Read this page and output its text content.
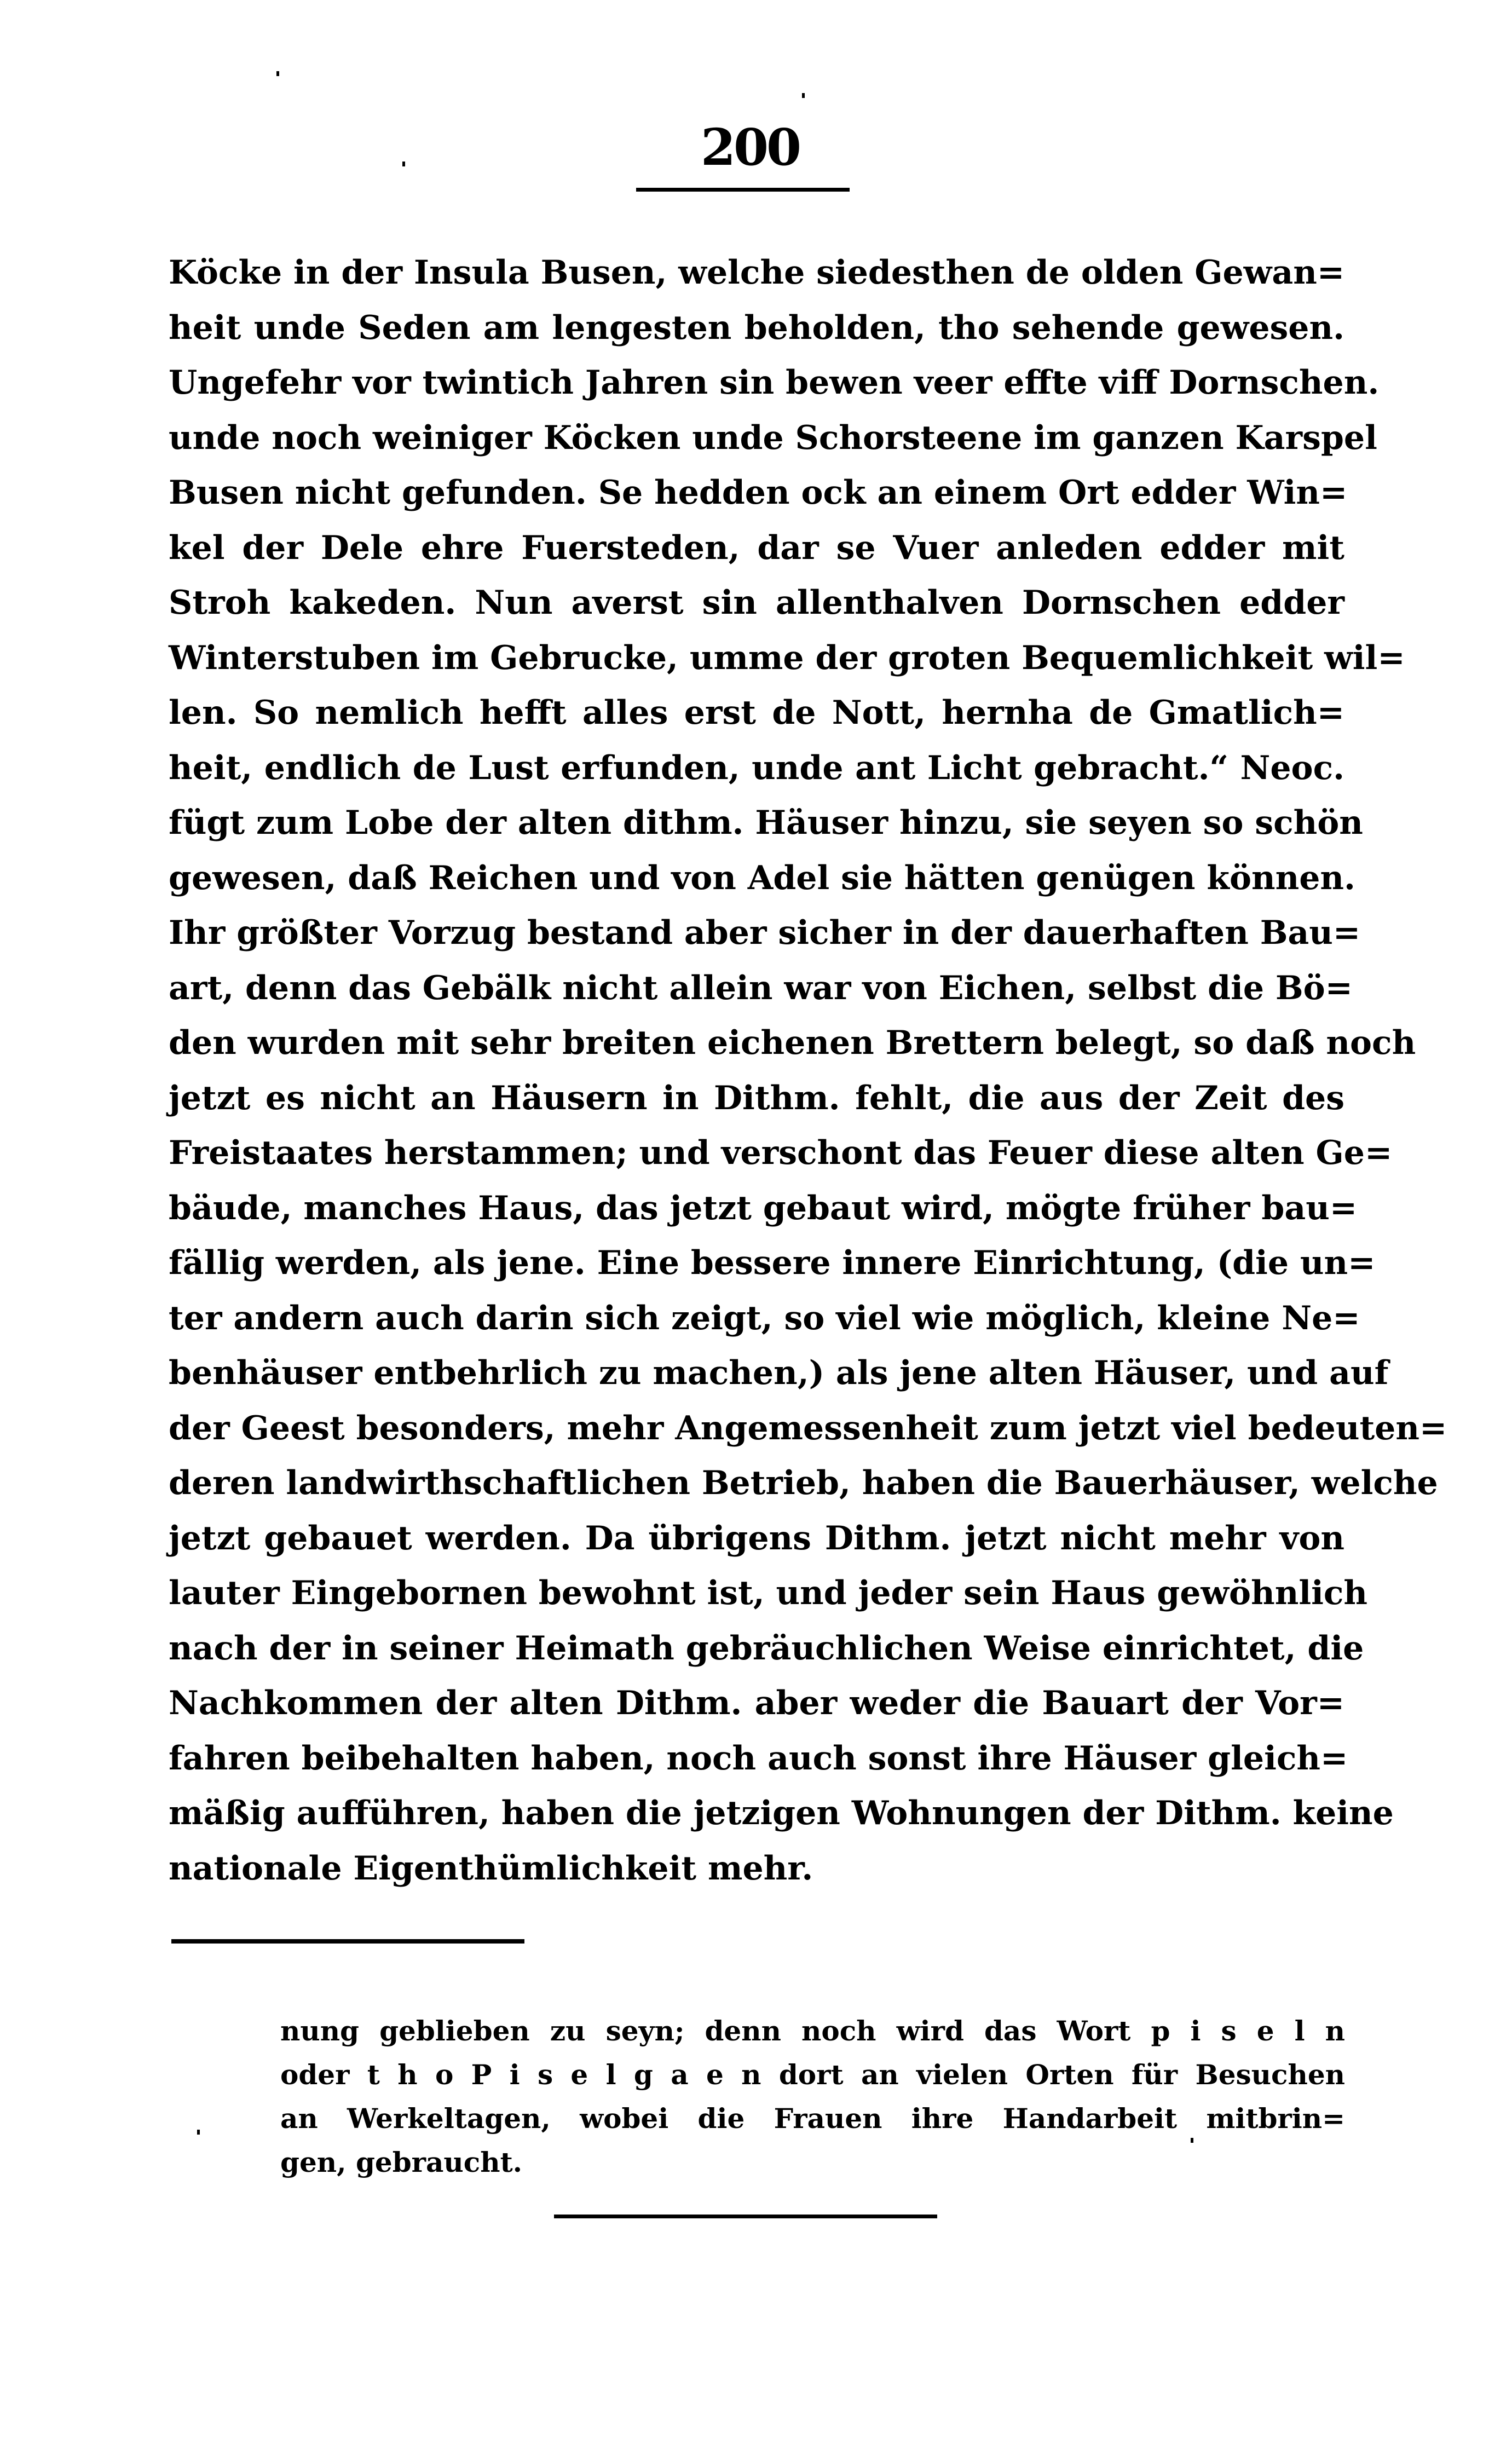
200
Köcke in der Insula Busen, welche siedesthen de olden Gewan=
heit unde Seden am lengesten beholden, tho sehende gewesen.
Ungefehr vor twintich Jahren sin bewen veer effte viff Dornschen.
unde noch weiniger Köcken unde Schorsteene im ganzen Karspel
Busen nicht gefunden. Se hedden ock an einem Ort edder Win=
kel der Dele ehre Fuersteden, dar se Vuer anleden edder mit
Stroh kakeden. Nun averst sin allenthalven Dornschen edder
Winterstuben im Gebrucke, umme der groten Bequemlichkeit wil=
len. So nemlich hefft alles erst de Nott, hernha de Gmatlich=
heit, endlich de Lust erfunden, unde ant Licht gebracht.“ Neoc.
fügt zum Lobe der alten dithm. Häuser hinzu, sie seyen so schön
gewesen, daß Reichen und von Adel sie hätten genügen können.
Ihr größter Vorzug bestand aber sicher in der dauerhaften Bau=
art, denn das Gebälk nicht allein war von Eichen, selbst die Bö=
den wurden mit sehr breiten eichenen Brettern belegt, so daß noch
jetzt es nicht an Häusern in Dithm. fehlt, die aus der Zeit des
Freistaates herstammen; und verschont das Feuer diese alten Ge=
bäude, manches Haus, das jetzt gebaut wird, mögte früher bau=
fällig werden, als jene. Eine bessere innere Einrichtung, (die un=
ter andern auch darin sich zeigt, so viel wie möglich, kleine Ne=
benhäuser entbehrlich zu machen,) als jene alten Häuser, und auf
der Geest besonders, mehr Angemessenheit zum jetzt viel bedeuten=
deren landwirthschaftlichen Betrieb, haben die Bauerhäuser, welche
jetzt gebauet werden. Da übrigens Dithm. jetzt nicht mehr von
lauter Eingebornen bewohnt ist, und jeder sein Haus gewöhnlich
nach der in seiner Heimath gebräuchlichen Weise einrichtet, die
Nachkommen der alten Dithm. aber weder die Bauart der Vor=
fahren beibehalten haben, noch auch sonst ihre Häuser gleich=
mäßig aufführen, haben die jetzigen Wohnungen der Dithm. keine
nationale Eigenthümlichkeit mehr.
nung geblieben zu seyn; denn noch wird das Wort p i s e l n
oder t h o P i s e l g a e n dort an vielen Orten für Besuchen
an Werkeltagen, wobei die Frauen ihre Handarbeit mitbrin=
gen, gebraucht.
